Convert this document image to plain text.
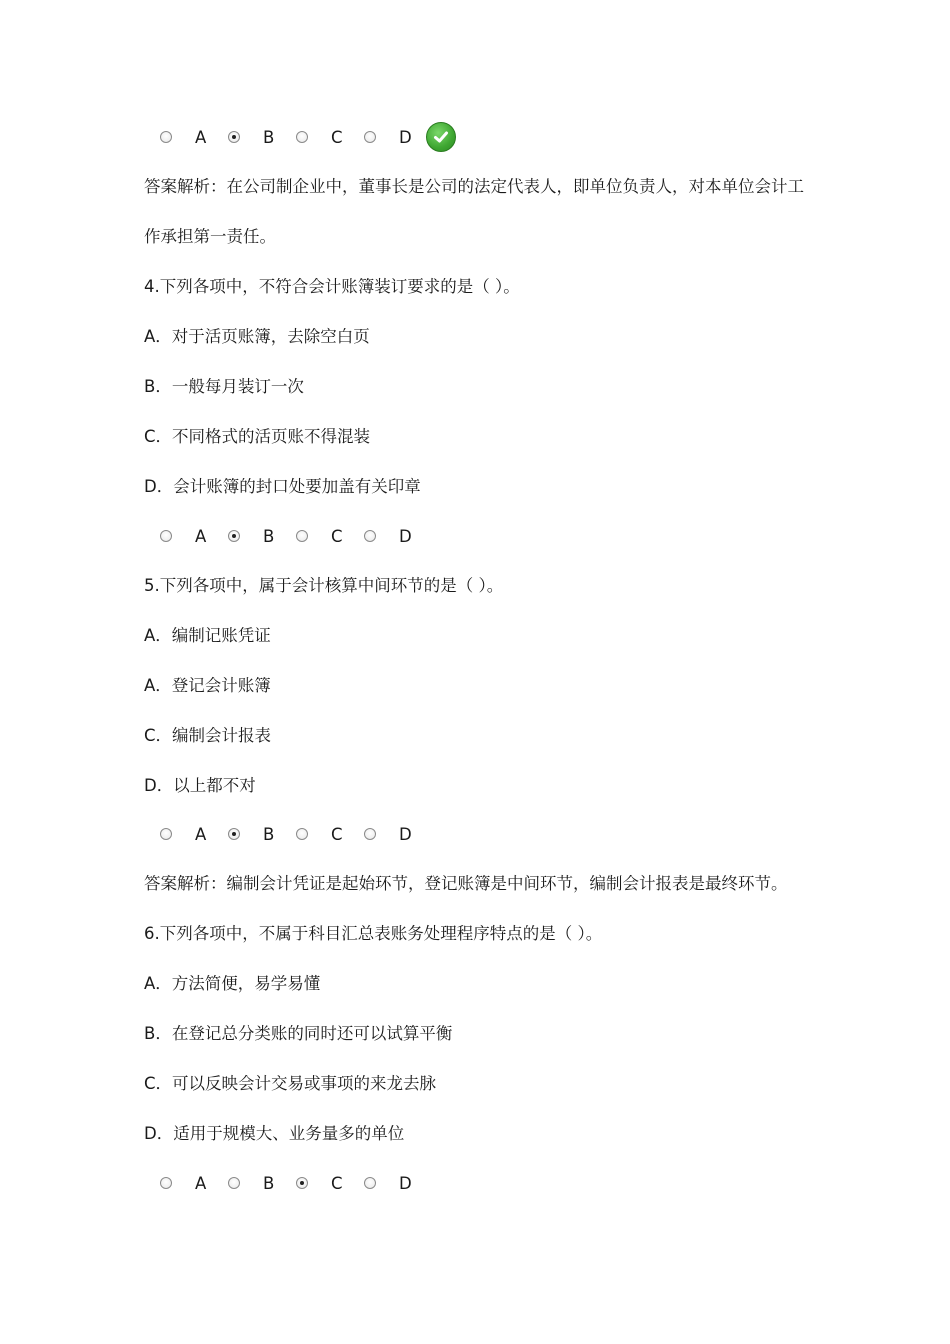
A	B	C	D
答案解析：在公司制企业中，董事长是公司的法定代表人，即单位负责人，对本单位会计工
作承担第一责任。
4.下列各项中，不符合会计账簿装订要求的是（ ）。
A．对于活页账簿，去除空白页
B．一般每月装订一次
C．不同格式的活页账不得混装
D．会计账簿的封口处要加盖有关印章
A	B	C	D
5.下列各项中，属于会计核算中间环节的是（ ）。
A．编制记账凭证
A．登记会计账簿
C．编制会计报表
D．以上都不对
A	B	C	D
答案解析：编制会计凭证是起始环节，登记账簿是中间环节，编制会计报表是最终环节。
6.下列各项中，不属于科目汇总表账务处理程序特点的是（ ）。
A．方法简便，易学易懂
B．在登记总分类账的同时还可以试算平衡
C．可以反映会计交易或事项的来龙去脉
D．适用于规模大、业务量多的单位
A	B	C	D
